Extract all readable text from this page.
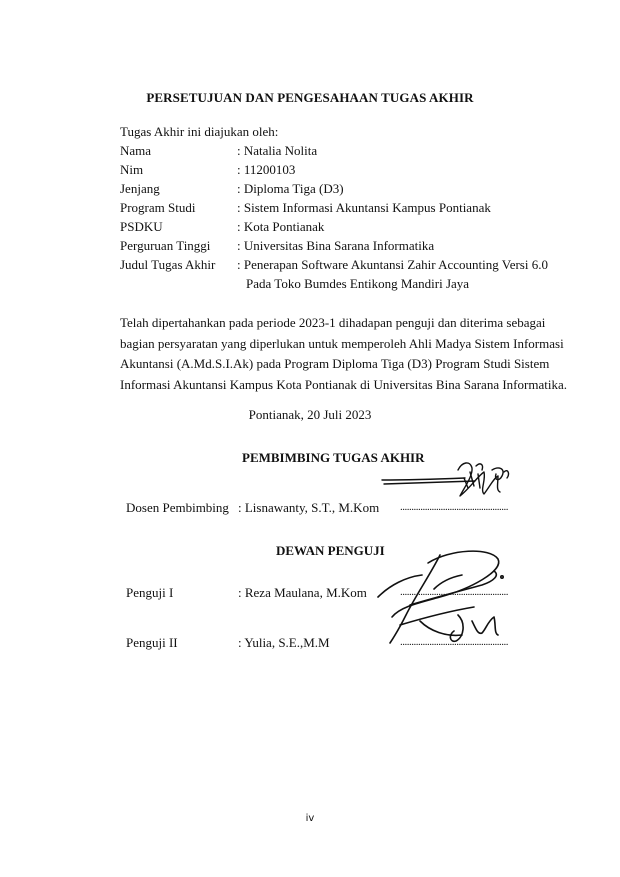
PERSETUJUAN DAN PENGESAHAAN TUGAS AKHIR
Tugas Akhir ini diajukan oleh:
Nama	: Natalia Nolita
Nim	: 11200103
Jenjang	: Diploma Tiga (D3)
Program Studi	: Sistem Informasi Akuntansi Kampus Pontianak
PSDKU	: Kota Pontianak
Perguruan Tinggi : Universitas Bina Sarana Informatika
Judul Tugas Akhir : Penerapan Software Akuntansi Zahir Accounting Versi 6.0
Pada Toko Bumdes Entikong Mandiri Jaya
Telah dipertahankan pada periode 2023-1 dihadapan penguji dan diterima sebagai
bagian persyaratan yang diperlukan untuk memperoleh Ahli Madya Sistem Informasi
Akuntansi (A.Md.S.I.Ak) pada Program Diploma Tiga (D3) Program Studi Sistem
Informasi Akuntansi Kampus Kota Pontianak di Universitas Bina Sarana Informatika.
Pontianak, 20 Juli 2023
PEMBIMBING TUGAS AKHIR
Dosen Pembimbing : Lisnawanty, S.T., M.Kom ................................................
DEWAN PENGUJI
Penguji I	: Reza Maulana, M.Kom	................................................
Penguji II	: Yulia, S.E.,M.M	................................................
iv
